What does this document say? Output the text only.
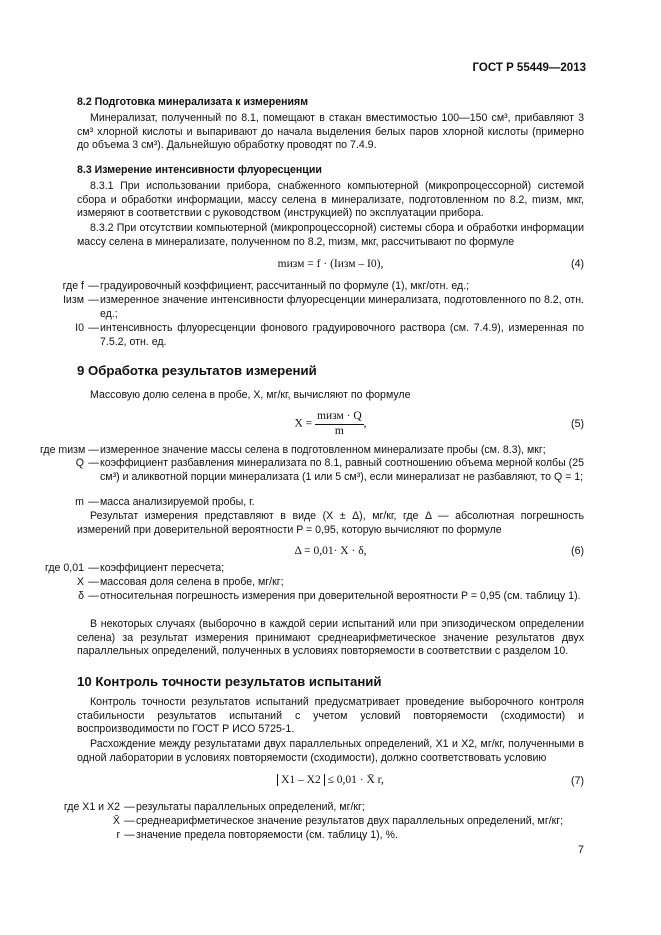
ГОСТ Р 55449—2013
8.2 Подготовка минерализата к измерениям
Минерализат, полученный по 8.1, помещают в стакан вместимостью 100—150 см³, прибавляют 3 см³ хлорной кислоты и выпаривают до начала выделения белых паров хлорной кислоты (примерно до объема 3 см³). Дальнейшую обработку проводят по 7.4.9.
8.3 Измерение интенсивности флуоресценции
8.3.1 При использовании прибора, снабженного компьютерной (микропроцессорной) системой сбора и обработки информации, массу селена в минерализате, подготовленном по 8.2, mизм, мкг, измеряют в соответствии с руководством (инструкцией) по эксплуатации прибора.
8.3.2 При отсутствии компьютерной (микропроцессорной) системы сбора и обработки информации массу селена в минерализате, полученном по 8.2, mизм, мкг, рассчитывают по формуле
mизм = f · (Iизм – I0),	(4)
где f — градуировочный коэффициент, рассчитанный по формуле (1), мкг/отн. ед.;
Iизм — измеренное значение интенсивности флуоресценции минерализата, подготовленного по 8.2, отн. ед.;
I0 — интенсивность флуоресценции фонового градуировочного раствора (см. 7.4.9), измеренная по 7.5.2, отн. ед.
9 Обработка результатов измерений
Массовую долю селена в пробе, X, мг/кг, вычисляют по формуле
$X = \frac{\text{mизм · Q}}{m}$ ,	(5)
где mизм — измеренное значение массы селена в подготовленном минерализате пробы (см. 8.3), мкг;
Q — коэффициент разбавления минерализата по 8.1, равный соотношению объема мерной колбы (25 см³) и аликвотной порции минерализата (1 или 5 см³), если минерализат не разбавляют, то Q = 1;
m — масса анализируемой пробы, г.
Результат измерения представляют в виде (X ± Δ), мг/кг, где Δ — абсолютная погрешность измерений при доверительной вероятности P = 0,95, которую вычисляют по формуле
Δ = 0,01· X · δ,	(6)
где 0,01 — коэффициент пересчета;
X — массовая доля селена в пробе, мг/кг;
δ — относительная погрешность измерения при доверительной вероятности P = 0,95 (см. таблицу 1).
В некоторых случаях (выборочно в каждой серии испытаний или при эпизодическом определении селена) за результат измерения принимают среднеарифметическое значение результатов двух параллельных определений, полученных в условиях повторяемости в соответствии с разделом 10.
10 Контроль точности результатов испытаний
Контроль точности результатов испытаний предусматривает проведение выборочного контроля стабильности результатов испытаний с учетом условий повторяемости (сходимости) и воспроизводимости по ГОСТ Р ИСО 5725-1.
Расхождение между результатами двух параллельных определений, X1 и X2, мг/кг, полученными в одной лаборатории в условиях повторяемости (сходимости), должно соответствовать условию
X1 – X2 ≤ 0,01 · X̄ r,	(7)
где X1 и X2 — результаты параллельных определений, мг/кг;
X̄ — среднеарифметическое значение результатов двух параллельных определений, мг/кг;
r — значение предела повторяемости (см. таблицу 1), %.
7
